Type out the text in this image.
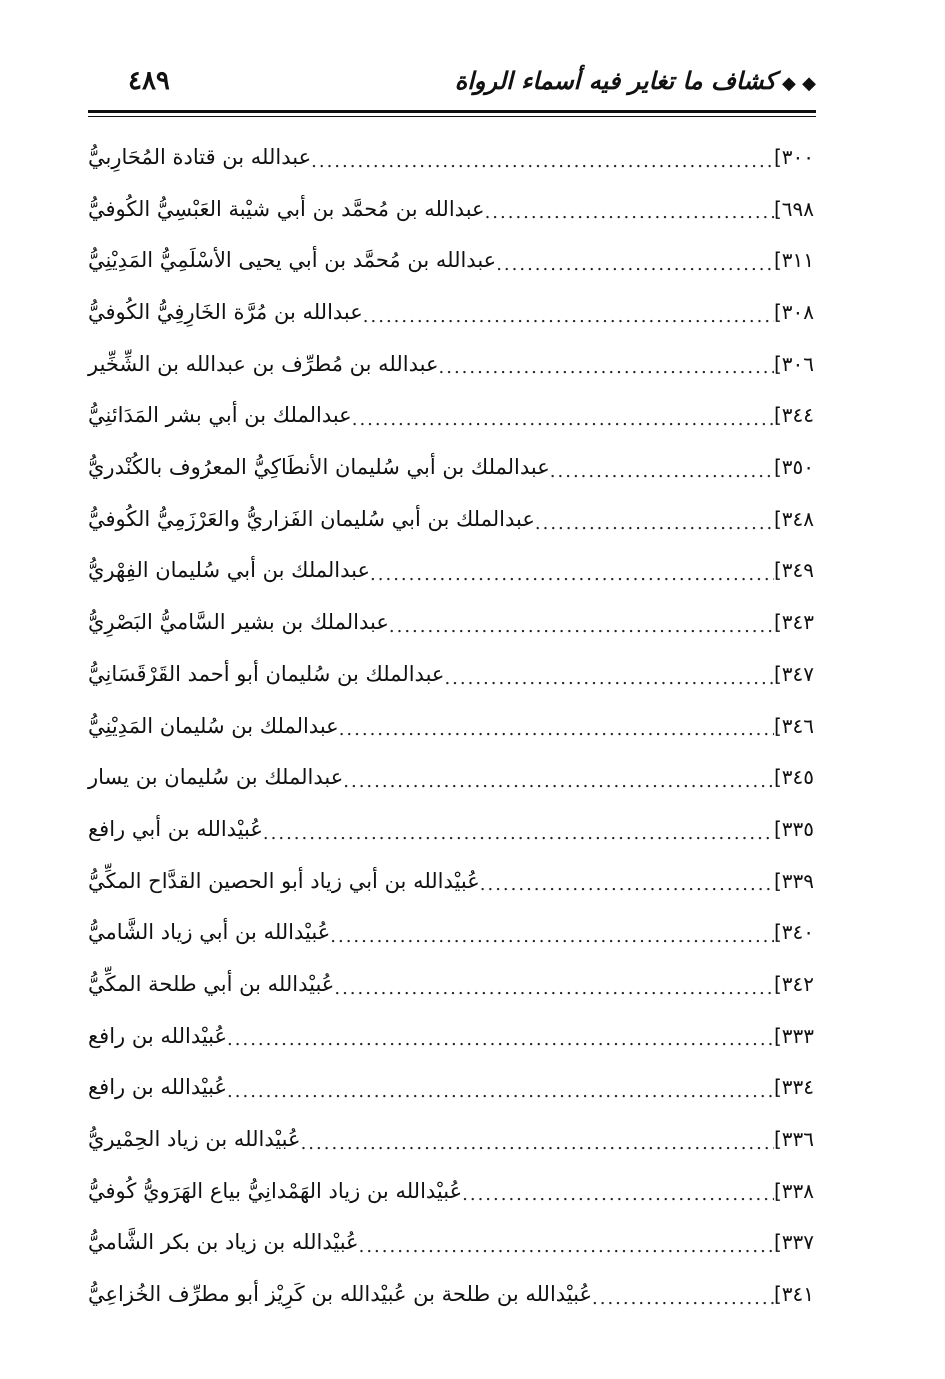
◆ ◆كشاف ما تغاير فيه أسماء الرواة
٤٨٩
عبدالله بن قتادة المُحَارِبيُّ .....	[٣٠٠
عبدالله بن مُحمَّد بن أبي شيْبة العَبْسِيُّ الكُوفيُّ .....	[٦٩٨
عبدالله بن مُحمَّد بن أبي يحيى الأسْلَمِيُّ المَدِيْنِيُّ .....	[٣١١
عبدالله بن مُرَّة الخَارِفِيُّ الكُوفيُّ .....	[٣٠٨
عبدالله بن مُطرِّف بن عبدالله بن الشِّخِّير .....	[٣٠٦
عبدالملك بن أبي بشر المَدَائنِيُّ .....	[٣٤٤
عبدالملك بن أبي سُليمان الأنطَاكِيُّ المعرُوف بالكُنْدريُّ .....	[٣٥٠
عبدالملك بن أبي سُليمان الفَزاريُّ والعَرْزَمِيُّ الكُوفيُّ .....	[٣٤٨
عبدالملك بن أبي سُليمان الفِهْريُّ .....	[٣٤٩
عبدالملك بن بشير السَّاميُّ البَصْرِيُّ .....	[٣٤٣
عبدالملك بن سُليمان أبو أحمد القَرْقَسَانِيُّ .....	[٣٤٧
عبدالملك بن سُليمان المَدِيْنِيُّ .....	[٣٤٦
عبدالملك بن سُليمان بن يسار .....	[٣٤٥
عُبيْدالله بن أبي رافع .....	[٣٣٥
عُبيْدالله بن أبي زياد أبو الحصين القدَّاح المكِّيُّ .....	[٣٣٩
عُبيْدالله بن أبي زياد الشَّاميُّ .....	[٣٤٠
عُبيْدالله بن أبي طلحة المكِّيُّ .....	[٣٤٢
عُبيْدالله بن رافع .....	[٣٣٣
عُبيْدالله بن رافع .....	[٣٣٤
عُبيْدالله بن زياد الحِمْيريُّ .....	[٣٣٦
عُبيْدالله بن زياد الهَمْدانِيُّ بياع الهَرَويُّ كُوفيُّ .....	[٣٣٨
عُبيْدالله بن زياد بن بكر الشَّاميُّ .....	[٣٣٧
عُبيْدالله بن طلحة بن عُبيْدالله بن كَرِيْز أبو مطرِّف الخُزاعِيُّ .....	[٣٤١
